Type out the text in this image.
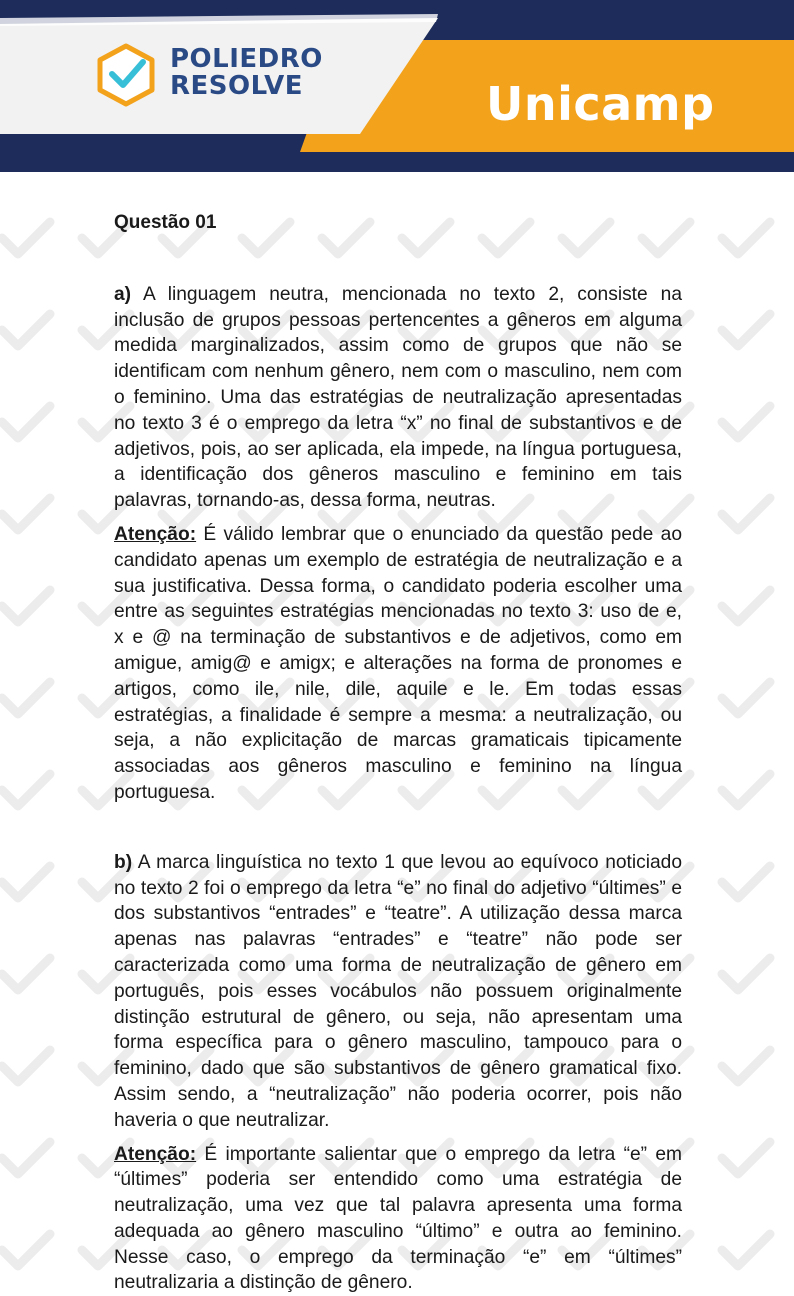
POLIEDRO
RESOLVE	Unicamp
Questão 01

a) A linguagem neutra, mencionada no texto 2, consiste na inclusão de grupos pessoas pertencentes a gêneros em alguma medida marginalizados, assim como de grupos que não se identificam com nenhum gênero, nem com o masculino, nem com o feminino. Uma das estratégias de neutralização apresentadas no texto 3 é o emprego da letra “x” no final de substantivos e de adjetivos, pois, ao ser aplicada, ela impede, na língua portuguesa, a identificação dos gêneros masculino e feminino em tais palavras, tornando-as, dessa forma, neutras.

Atenção: É válido lembrar que o enunciado da questão pede ao candidato apenas um exemplo de estratégia de neutralização e a sua justificativa. Dessa forma, o candidato poderia escolher uma entre as seguintes estratégias mencionadas no texto 3: uso de e, x e @ na terminação de substantivos e de adjetivos, como em amigue, amig@ e amigx; e alterações na forma de pronomes e artigos, como ile, nile, dile, aquile e le. Em todas essas estratégias, a finalidade é sempre a mesma: a neutralização, ou seja, a não explicitação de marcas gramaticais tipicamente associadas aos gêneros masculino e feminino na língua portuguesa.

b) A marca linguística no texto 1 que levou ao equívoco noticiado no texto 2 foi o emprego da letra “e” no final do adjetivo “últimes” e dos substantivos “entrades” e “teatre”. A utilização dessa marca apenas nas palavras “entrades” e “teatre” não pode ser caracterizada como uma forma de neutralização de gênero em português, pois esses vocábulos não possuem originalmente distinção estrutural de gênero, ou seja, não apresentam uma forma específica para o gênero masculino, tampouco para o feminino, dado que são substantivos de gênero gramatical fixo. Assim sendo, a “neutralização” não poderia ocorrer, pois não haveria o que neutralizar.

Atenção: É importante salientar que o emprego da letra “e” em “últimes” poderia ser entendido como uma estratégia de neutralização, uma vez que tal palavra apresenta uma forma adequada ao gênero masculino “último” e outra ao feminino. Nesse caso, o emprego da terminação “e” em “últimes” neutralizaria a distinção de gênero.
